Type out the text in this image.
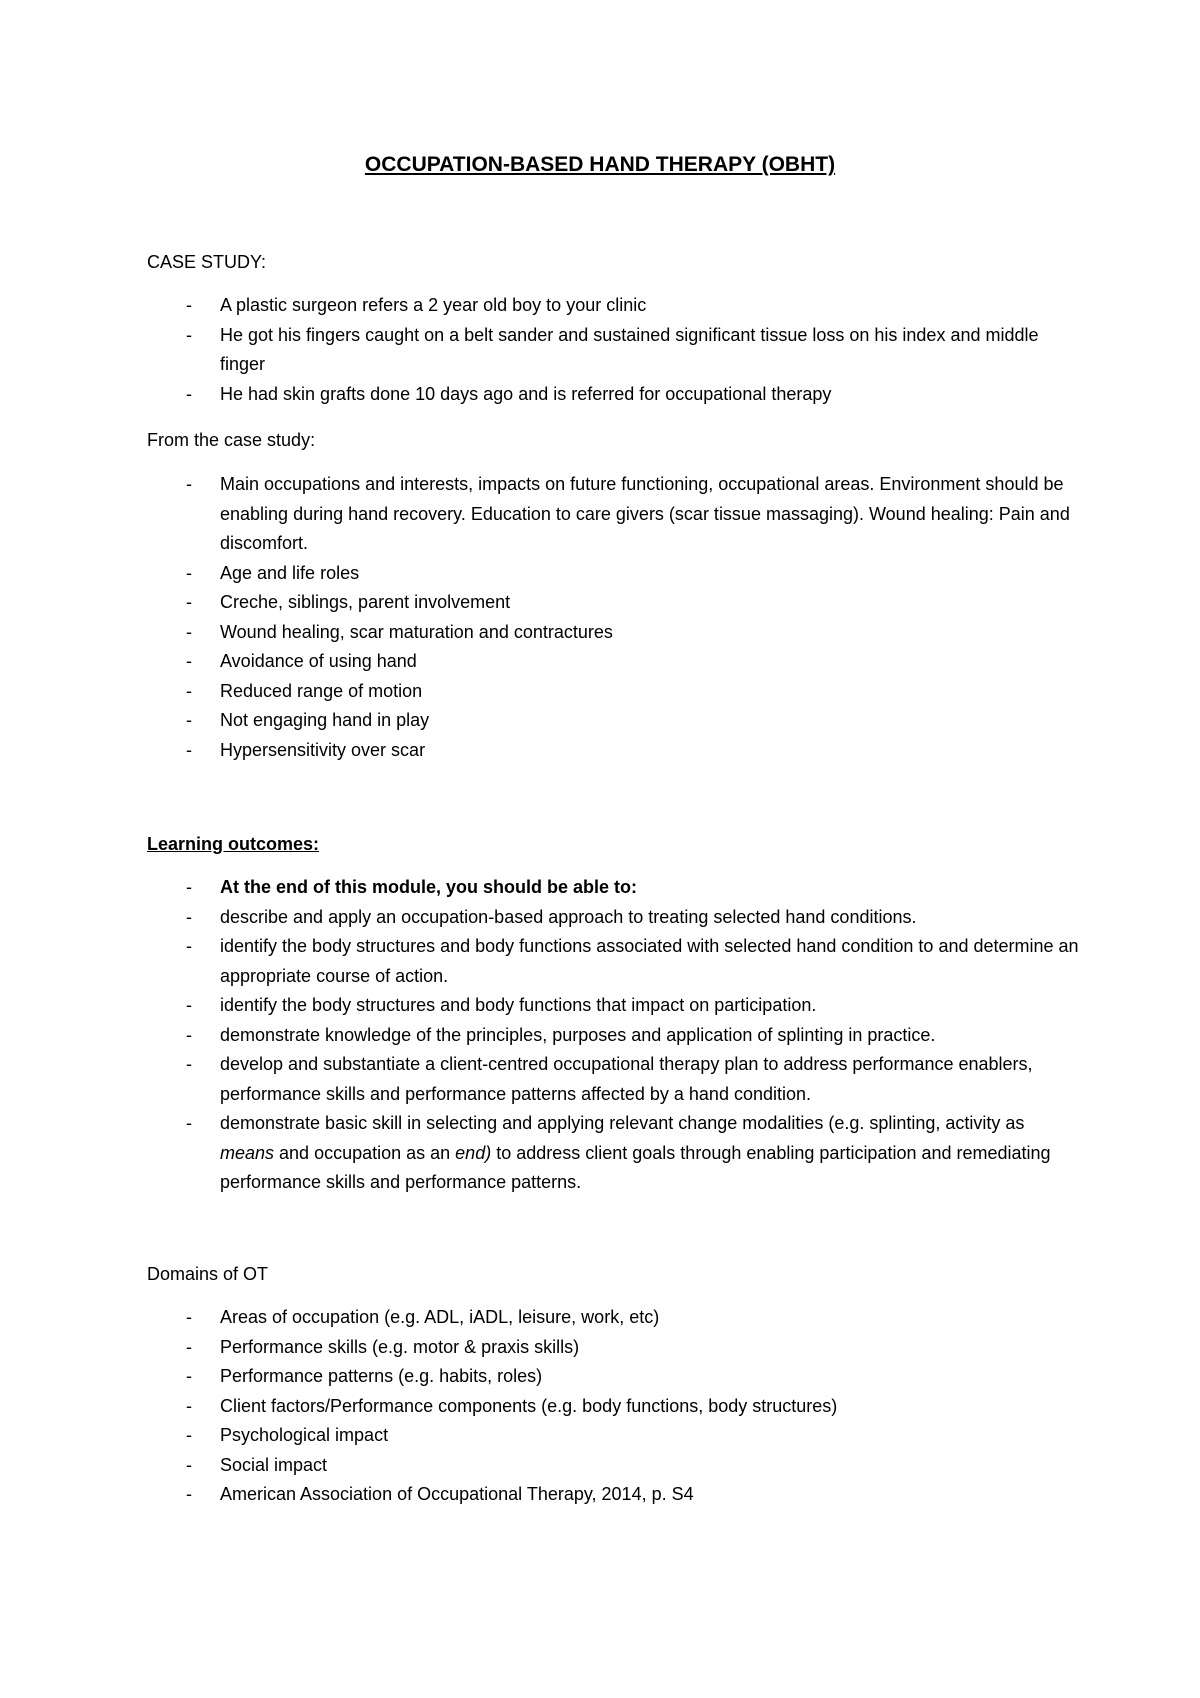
OCCUPATION-BASED HAND THERAPY (OBHT)

CASE STUDY:

- A plastic surgeon refers a 2 year old boy to your clinic
- He got his fingers caught on a belt sander and sustained significant tissue loss on his index and middle finger
- He had skin grafts done 10 days ago and is referred for occupational therapy

From the case study:

- Main occupations and interests, impacts on future functioning, occupational areas. Environment should be enabling during hand recovery. Education to care givers (scar tissue massaging). Wound healing: Pain and discomfort.
- Age and life roles
- Creche, siblings, parent involvement
- Wound healing, scar maturation and contractures
- Avoidance of using hand
- Reduced range of motion
- Not engaging hand in play
- Hypersensitivity over scar

Learning outcomes:

- At the end of this module, you should be able to:
- describe and apply an occupation-based approach to treating selected hand conditions.
- identify the body structures and body functions associated with selected hand condition to and determine an appropriate course of action.
- identify the body structures and body functions that impact on participation.
- demonstrate knowledge of the principles, purposes and application of splinting in practice.
- develop and substantiate a client-centred occupational therapy plan to address performance enablers, performance skills and performance patterns affected by a hand condition.
- demonstrate basic skill in selecting and applying relevant change modalities (e.g. splinting, activity as means and occupation as an end) to address client goals through enabling participation and remediating performance skills and performance patterns.

Domains of OT

- Areas of occupation (e.g. ADL, iADL, leisure, work, etc)
- Performance skills (e.g. motor & praxis skills)
- Performance patterns (e.g. habits, roles)
- Client factors/Performance components (e.g. body functions, body structures)
- Psychological impact
- Social impact
- American Association of Occupational Therapy, 2014, p. S4
